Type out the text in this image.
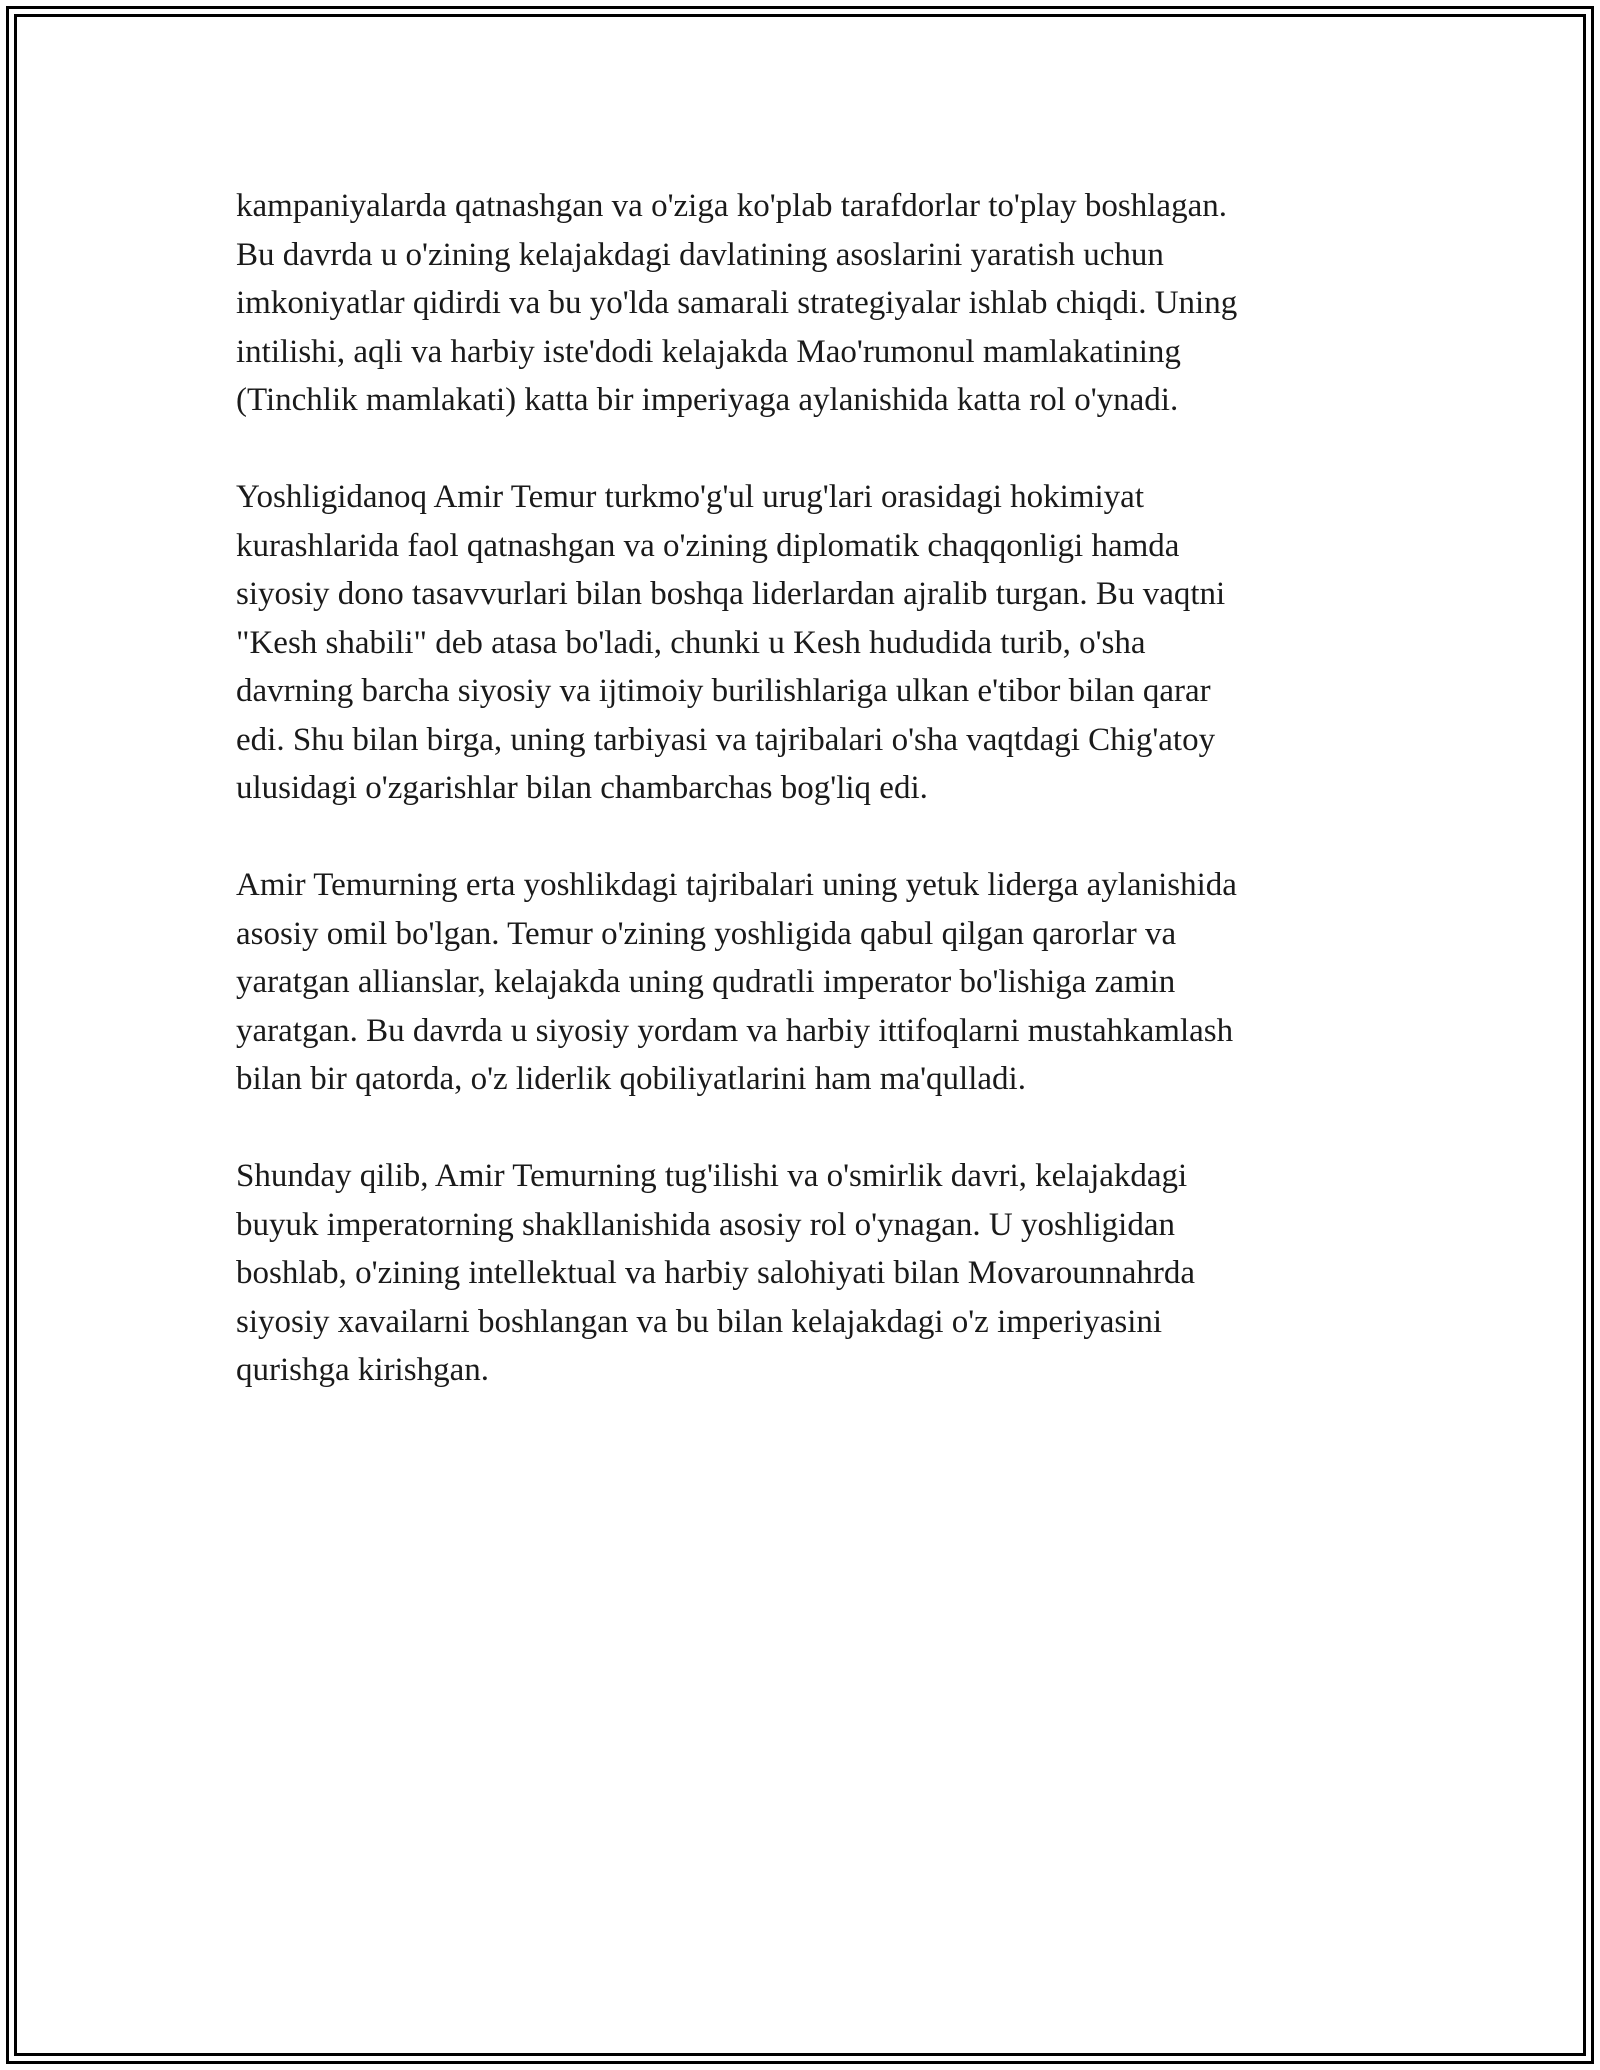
kampaniyalarda qatnashgan va o'ziga ko'plab tarafdorlar to'play boshlagan.
Bu davrda u o'zining kelajakdagi davlatining asoslarini yaratish uchun
imkoniyatlar qidirdi va bu yo'lda samarali strategiyalar ishlab chiqdi. Uning
intilishi, aqli va harbiy iste'dodi kelajakda Mao'rumonul mamlakatining
(Tinchlik mamlakati) katta bir imperiyaga aylanishida katta rol o'ynadi.

Yoshligidanoq Amir Temur turkmo'g'ul urug'lari orasidagi hokimiyat
kurashlarida faol qatnashgan va o'zining diplomatik chaqqonligi hamda
siyosiy dono tasavvurlari bilan boshqa liderlardan ajralib turgan. Bu vaqtni
"Kesh shabili" deb atasa bo'ladi, chunki u Kesh hududida turib, o'sha
davrning barcha siyosiy va ijtimoiy burilishlariga ulkan e'tibor bilan qarar
edi. Shu bilan birga, uning tarbiyasi va tajribalari o'sha vaqtdagi Chig'atoy
ulusidagi o'zgarishlar bilan chambarchas bog'liq edi.

Amir Temurning erta yoshlikdagi tajribalari uning yetuk liderga aylanishida
asosiy omil bo'lgan. Temur o'zining yoshligida qabul qilgan qarorlar va
yaratgan allianslar, kelajakda uning qudratli imperator bo'lishiga zamin
yaratgan. Bu davrda u siyosiy yordam va harbiy ittifoqlarni mustahkamlash
bilan bir qatorda, o'z liderlik qobiliyatlarini ham ma'qulladi.

Shunday qilib, Amir Temurning tug'ilishi va o'smirlik davri, kelajakdagi
buyuk imperatorning shakllanishida asosiy rol o'ynagan. U yoshligidan
boshlab, o'zining intellektual va harbiy salohiyati bilan Movarounnahrda
siyosiy xavailarni boshlangan va bu bilan kelajakdagi o'z imperiyasini
qurishga kirishgan.
